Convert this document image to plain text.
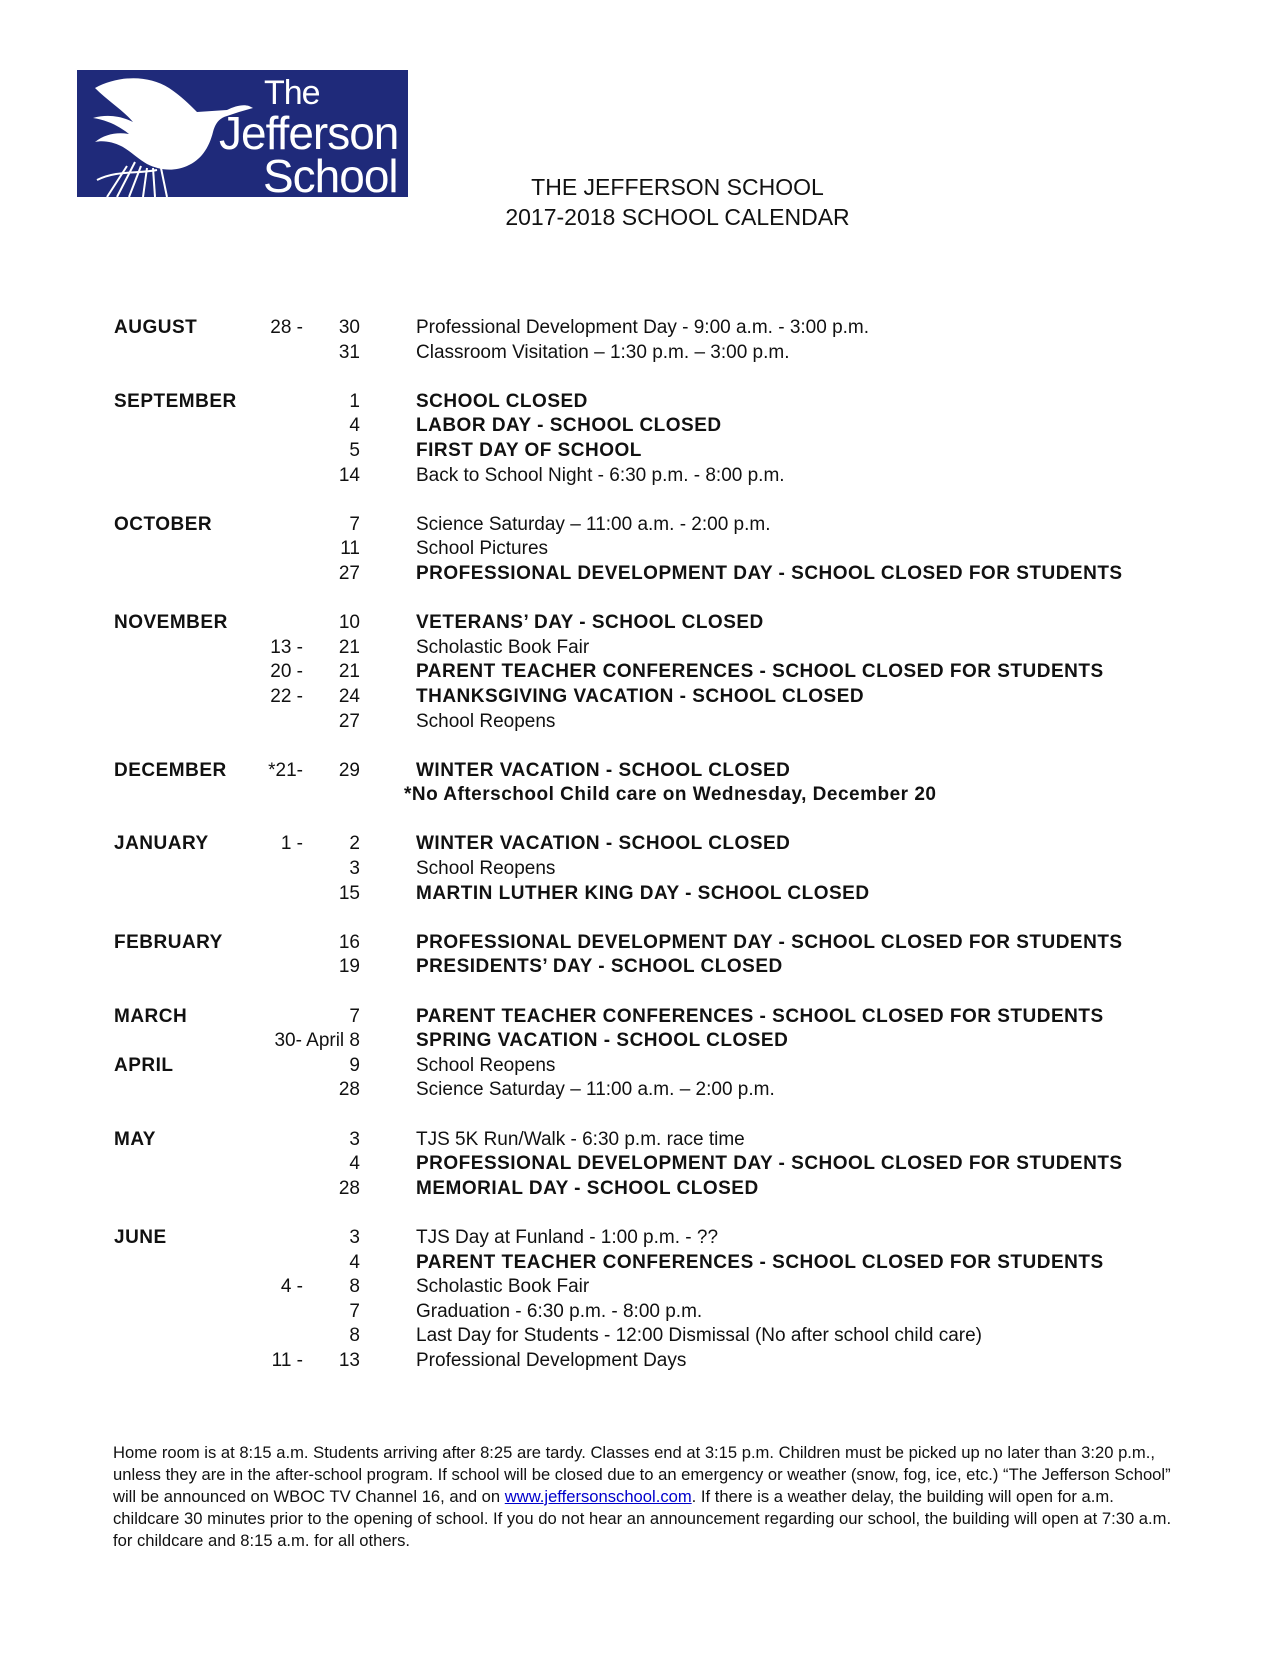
The
Jefferson
School	THE JEFFERSON SCHOOL
2017-2018 SCHOOL CALENDAR
AUGUST	28 - 30	Professional Development Day - 9:00 a.m. - 3:00 p.m.
31	Classroom Visitation – 1:30 p.m. – 3:00 p.m.
SEPTEMBER	1	SCHOOL CLOSED
4	LABOR DAY - SCHOOL CLOSED
5	FIRST DAY OF SCHOOL
14	Back to School Night - 6:30 p.m. - 8:00 p.m.
OCTOBER	7	Science Saturday – 11:00 a.m. - 2:00 p.m.
11	School Pictures
27	PROFESSIONAL DEVELOPMENT DAY - SCHOOL CLOSED FOR STUDENTS
NOVEMBER	10	VETERANS’ DAY - SCHOOL CLOSED
13 - 21	Scholastic Book Fair
20 - 21	PARENT TEACHER CONFERENCES - SCHOOL CLOSED FOR STUDENTS
22 - 24	THANKSGIVING VACATION - SCHOOL CLOSED
27	School Reopens
DECEMBER *21- 29	WINTER VACATION - SCHOOL CLOSED
*No Afterschool Child care on Wednesday, December 20
JANUARY	1 - 2	WINTER VACATION - SCHOOL CLOSED
3	School Reopens
15	MARTIN LUTHER KING DAY - SCHOOL CLOSED
FEBRUARY	16	PROFESSIONAL DEVELOPMENT DAY - SCHOOL CLOSED FOR STUDENTS
19	PRESIDENTS’ DAY - SCHOOL CLOSED
MARCH	7	PARENT TEACHER CONFERENCES - SCHOOL CLOSED FOR STUDENTS
30- April 8	SPRING VACATION - SCHOOL CLOSED
APRIL	9	School Reopens
28	Science Saturday – 11:00 a.m. – 2:00 p.m.
MAY	3	TJS 5K Run/Walk - 6:30 p.m. race time
4	PROFESSIONAL DEVELOPMENT DAY - SCHOOL CLOSED FOR STUDENTS
28	MEMORIAL DAY - SCHOOL CLOSED
JUNE	3	TJS Day at Funland - 1:00 p.m. - ??
4	PARENT TEACHER CONFERENCES - SCHOOL CLOSED FOR STUDENTS
4 - 8	Scholastic Book Fair
7	Graduation - 6:30 p.m. - 8:00 p.m.
8	Last Day for Students - 12:00 Dismissal (No after school child care)
11 - 13	Professional Development Days
Home room is at 8:15 a.m. Students arriving after 8:25 are tardy. Classes end at 3:15 p.m. Children must be picked up no later than 3:20 p.m., unless they are in the after-school program. If school will be closed due to an emergency or weather (snow, fog, ice, etc.) “The Jefferson School” will be announced on WBOC TV Channel 16, and on www.jeffersonschool.com. If there is a weather delay, the building will open for a.m. childcare 30 minutes prior to the opening of school. If you do not hear an announcement regarding our school, the building will open at 7:30 a.m. for childcare and 8:15 a.m. for all others.
